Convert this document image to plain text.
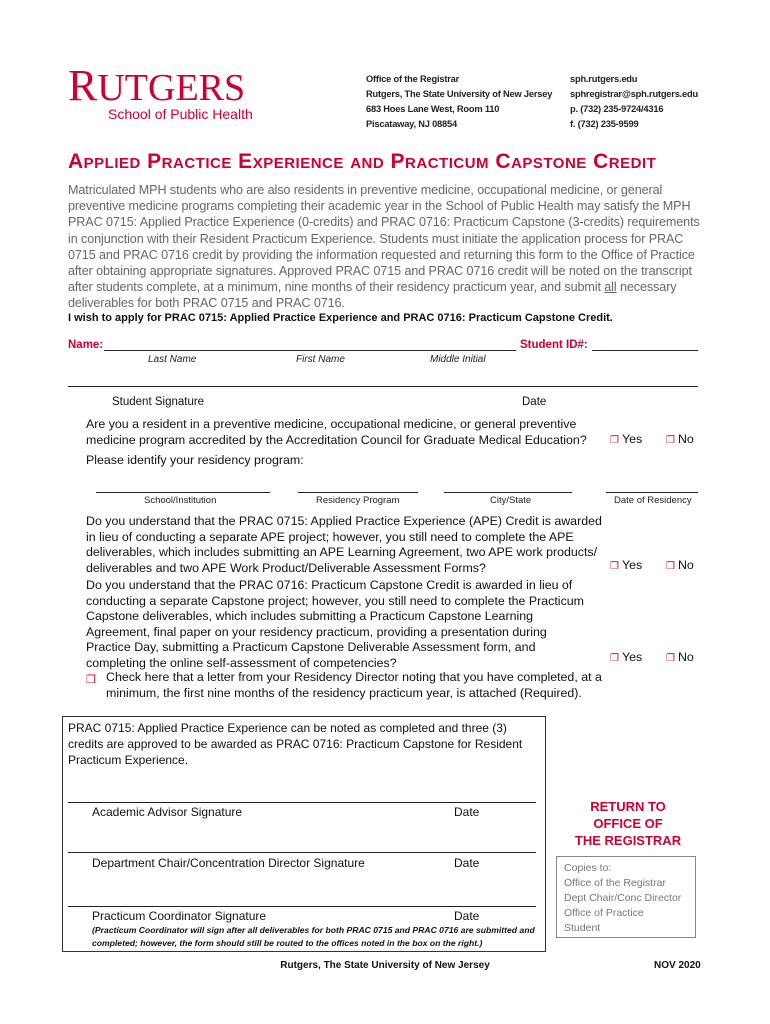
RUTGERS
School of Public Health
Office of the Registrar
Rutgers, The State University of New Jersey
683 Hoes Lane West, Room 110
Piscataway, NJ 08854
sph.rutgers.edu
sphregistrar@sph.rutgers.edu
p. (732) 235-9724/4316
f. (732) 235-9599
Applied Practice Experience and Practicum Capstone Credit
Matriculated MPH students who are also residents in preventive medicine, occupational medicine, or general preventive medicine programs completing their academic year in the School of Public Health may satisfy the MPH PRAC 0715: Applied Practice Experience (0-credits) and PRAC 0716: Practicum Capstone (3-credits) requirements in conjunction with their Resident Practicum Experience. Students must initiate the application process for PRAC 0715 and PRAC 0716 credit by providing the information requested and returning this form to the Office of Practice after obtaining appropriate signatures. Approved PRAC 0715 and PRAC 0716 credit will be noted on the transcript after students complete, at a minimum, nine months of their residency practicum year, and submit all necessary deliverables for both PRAC 0715 and PRAC 0716.
I wish to apply for PRAC 0715: Applied Practice Experience and PRAC 0716: Practicum Capstone Credit.
Name:	Student ID#:
Last Name	First Name	Middle Initial
Student Signature	Date
Are you a resident in a preventive medicine, occupational medicine, or general preventive medicine program accredited by the Accreditation Council for Graduate Medical Education?	❐ Yes ❐ No
Please identify your residency program:
School/Institution	Residency Program	City/State	Date of Residency
Do you understand that the PRAC 0715: Applied Practice Experience (APE) Credit is awarded in lieu of conducting a separate APE project; however, you still need to complete the APE deliverables, which includes submitting an APE Learning Agreement, two APE work products/ deliverables and two APE Work Product/Deliverable Assessment Forms?	❐ Yes ❐ No
Do you understand that the PRAC 0716: Practicum Capstone Credit is awarded in lieu of conducting a separate Capstone project; however, you still need to complete the Practicum Capstone deliverables, which includes submitting a Practicum Capstone Learning Agreement, final paper on your residency practicum, providing a presentation during Practice Day, submitting a Practicum Capstone Deliverable Assessment form, and completing the online self-assessment of competencies?	❐ Yes ❐ No
❐ Check here that a letter from your Residency Director noting that you have completed, at a minimum, the first nine months of the residency practicum year, is attached (Required).
PRAC 0715: Applied Practice Experience can be noted as completed and three (3) credits are approved to be awarded as PRAC 0716: Practicum Capstone for Resident Practicum Experience.
Academic Advisor Signature	Date
Department Chair/Concentration Director Signature	Date
Practicum Coordinator Signature	Date
(Practicum Coordinator will sign after all deliverables for both PRAC 0715 and PRAC 0716 are submitted and completed; however, the form should still be routed to the offices noted in the box on the right.)
RETURN TO
OFFICE OF
THE REGISTRAR
Copies to:
Office of the Registrar
Dept Chair/Conc Director
Office of Practice
Student
Rutgers, The State University of New Jersey	NOV 2020
